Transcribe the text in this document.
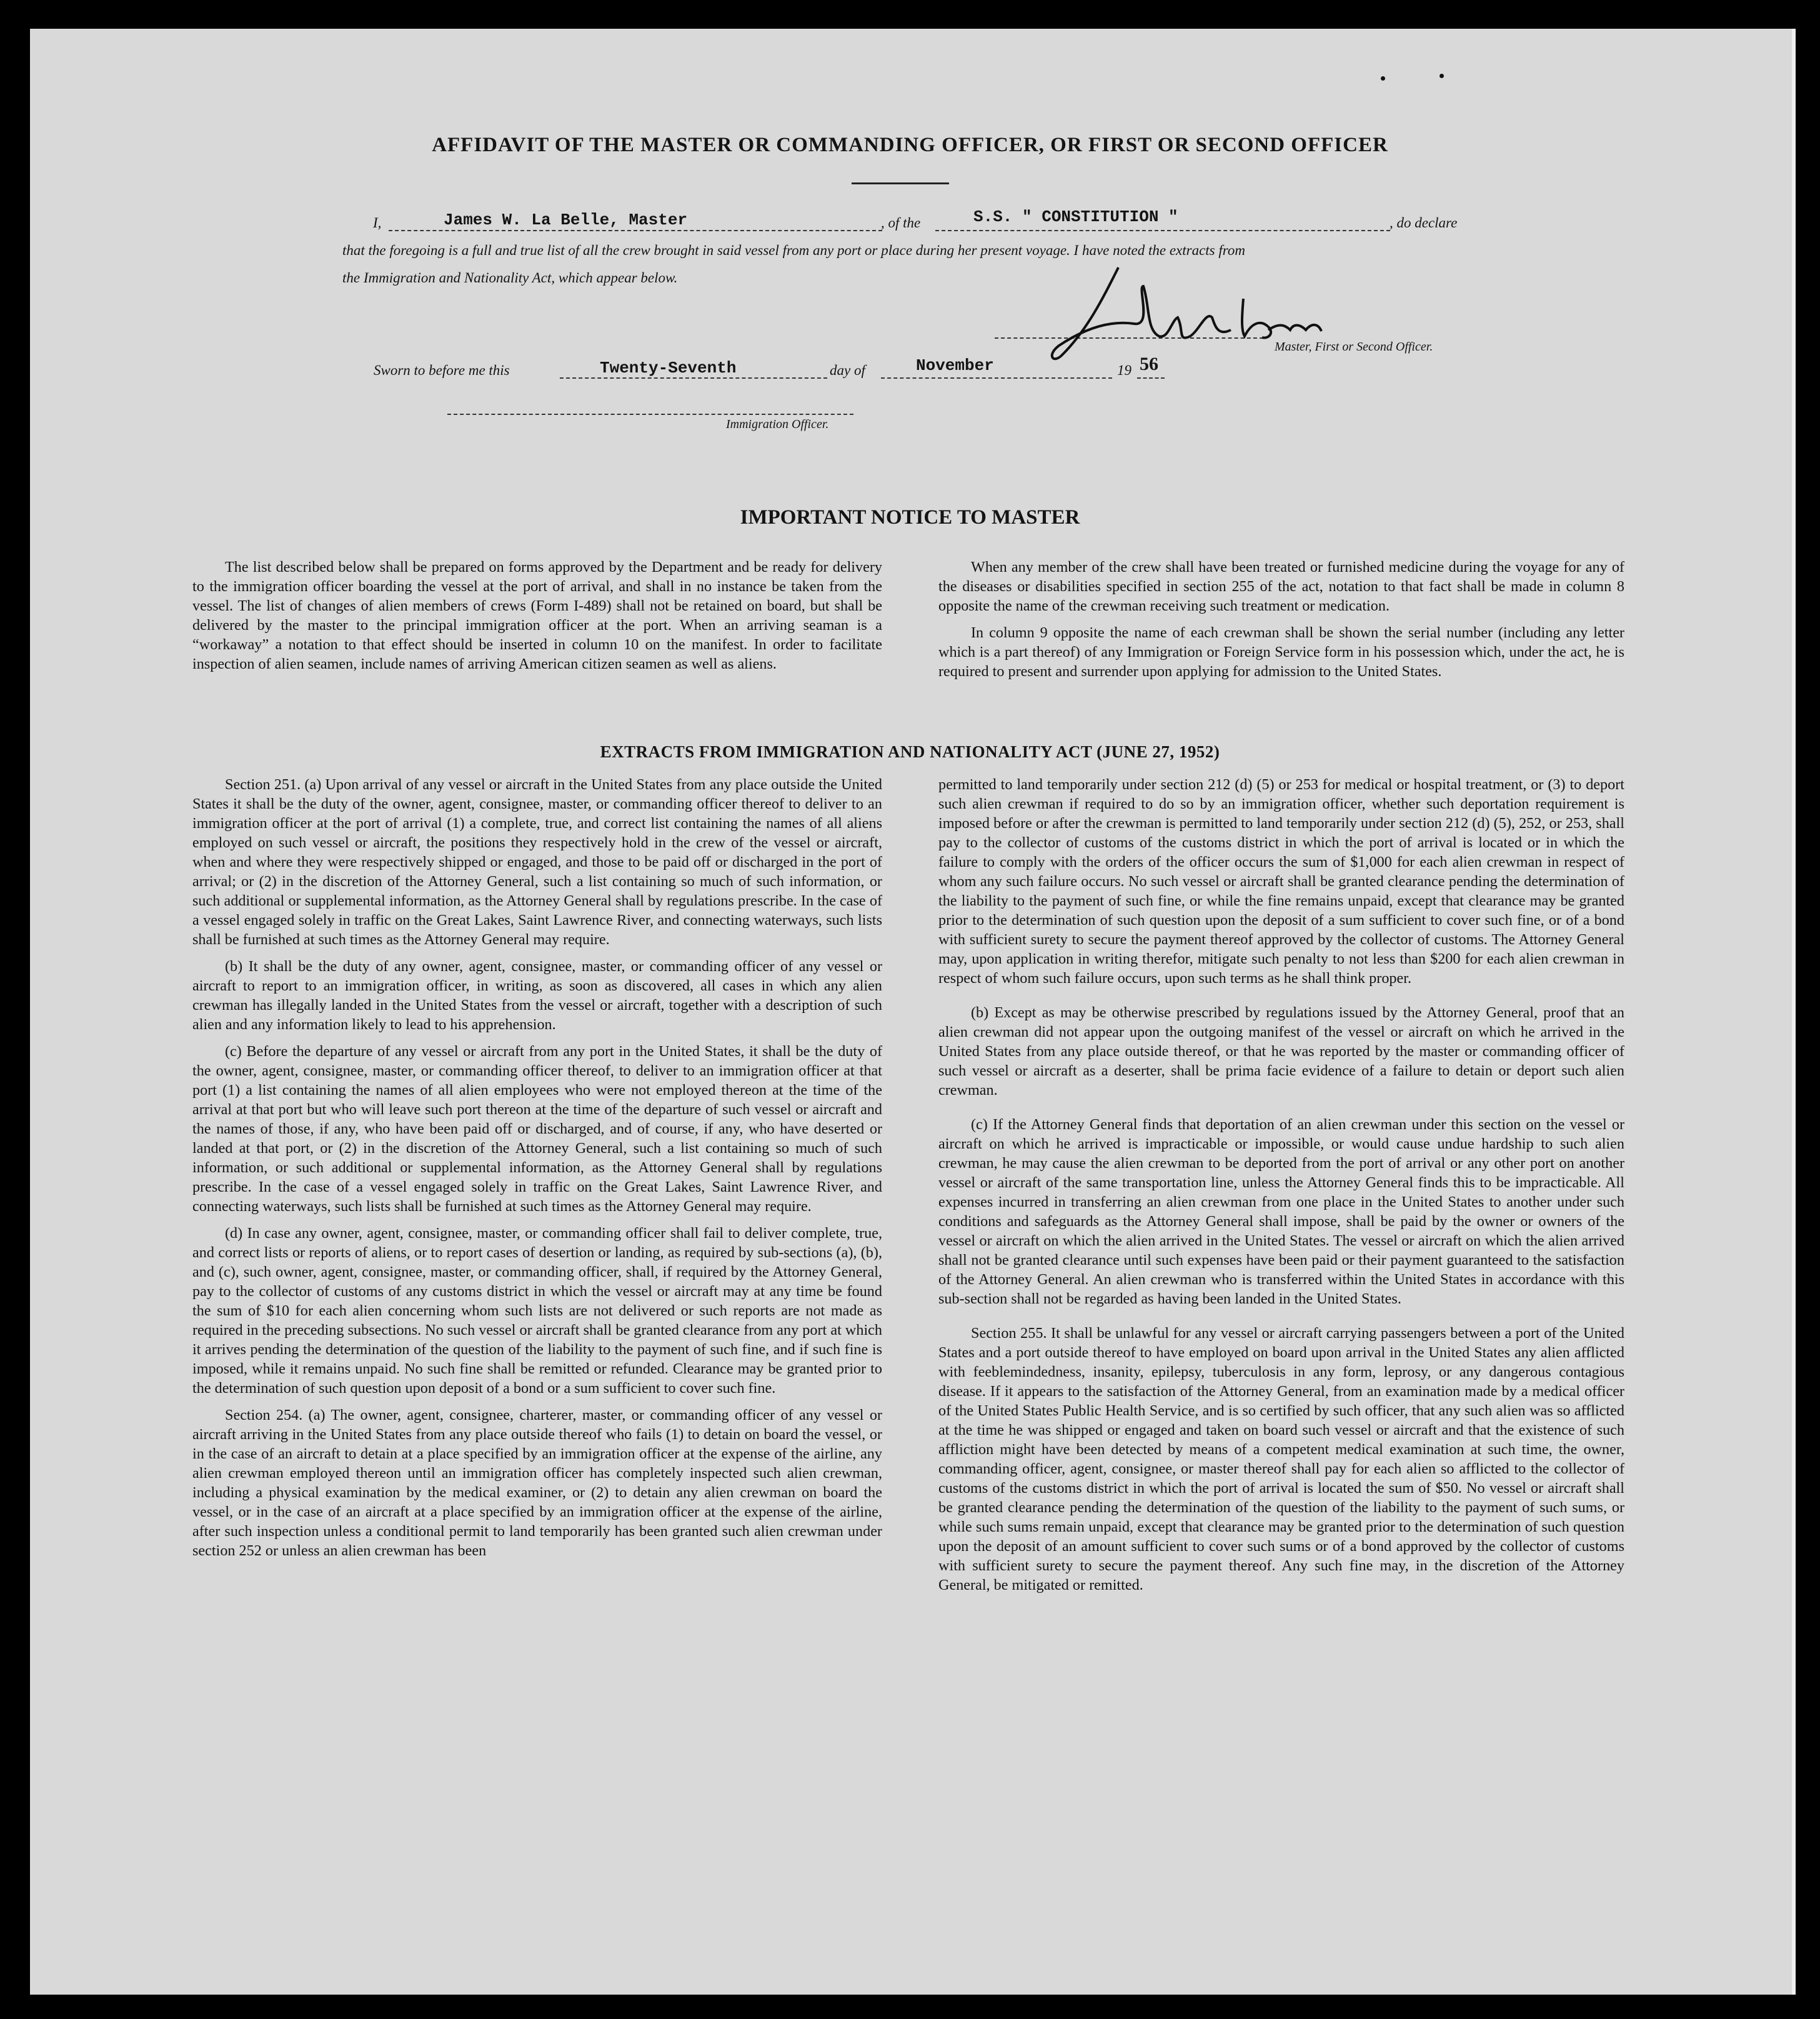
AFFIDAVIT OF THE MASTER OR COMMANDING OFFICER, OR FIRST OR SECOND OFFICER
I,	James W. La Belle, Master	, of the	S.S. " CONSTITUTION "	, do declare
that the foregoing is a full and true list of all the crew brought in said vessel from any port or place during her present voyage. I have noted the extracts from
the Immigration and Nationality Act, which appear below.
Master, First or Second Officer.
Sworn to before me this	Twenty-Seventh	day of	November	19 56
Immigration Officer.
IMPORTANT NOTICE TO MASTER

The list described below shall be prepared on forms approved by the Department and be ready for delivery to the immigration officer boarding the vessel at the port of arrival, and shall in no instance be taken from the vessel. The list of changes of alien members of crews (Form I-489) shall not be retained on board, but shall be delivered by the master to the principal immigration officer at the port. When an arriving seaman is a “workaway” a notation to that effect should be inserted in column 10 on the manifest. In order to facilitate inspection of alien seamen, include names of arriving American citizen seamen as well as aliens.

When any member of the crew shall have been treated or furnished medicine during the voyage for any of the diseases or disabilities specified in section 255 of the act, notation to that fact shall be made in column 8 opposite the name of the crewman receiving such treatment or medication.

In column 9 opposite the name of each crewman shall be shown the serial number (including any letter which is a part thereof) of any Immigration or Foreign Service form in his possession which, under the act, he is required to present and surrender upon applying for admission to the United States.

EXTRACTS FROM IMMIGRATION AND NATIONALITY ACT (JUNE 27, 1952)

Section 251. (a) Upon arrival of any vessel or aircraft in the United States from any place outside the United States it shall be the duty of the owner, agent, consignee, master, or commanding officer thereof to deliver to an immigration officer at the port of arrival (1) a complete, true, and correct list containing the names of all aliens employed on such vessel or aircraft, the positions they respectively hold in the crew of the vessel or aircraft, when and where they were respectively shipped or engaged, and those to be paid off or discharged in the port of arrival; or (2) in the discretion of the Attorney General, such a list containing so much of such information, or such additional or supplemental information, as the Attorney General shall by regulations prescribe. In the case of a vessel engaged solely in traffic on the Great Lakes, Saint Lawrence River, and connecting waterways, such lists shall be furnished at such times as the Attorney General may require.

(b) It shall be the duty of any owner, agent, consignee, master, or commanding officer of any vessel or aircraft to report to an immigration officer, in writing, as soon as discovered, all cases in which any alien crewman has illegally landed in the United States from the vessel or aircraft, together with a description of such alien and any information likely to lead to his apprehension.

(c) Before the departure of any vessel or aircraft from any port in the United States, it shall be the duty of the owner, agent, consignee, master, or commanding officer thereof, to deliver to an immigration officer at that port (1) a list containing the names of all alien employees who were not employed thereon at the time of the arrival at that port but who will leave such port thereon at the time of the departure of such vessel or aircraft and the names of those, if any, who have been paid off or discharged, and of course, if any, who have deserted or landed at that port, or (2) in the discretion of the Attorney General, such a list containing so much of such information, or such additional or supplemental information, as the Attorney General shall by regulations prescribe. In the case of a vessel engaged solely in traffic on the Great Lakes, Saint Lawrence River, and connecting waterways, such lists shall be furnished at such times as the Attorney General may require.

(d) In case any owner, agent, consignee, master, or commanding officer shall fail to deliver complete, true, and correct lists or reports of aliens, or to report cases of desertion or landing, as required by sub-sections (a), (b), and (c), such owner, agent, consignee, master, or commanding officer, shall, if required by the Attorney General, pay to the collector of customs of any customs district in which the vessel or aircraft may at any time be found the sum of $10 for each alien concerning whom such lists are not delivered or such reports are not made as required in the preceding subsections. No such vessel or aircraft shall be granted clearance from any port at which it arrives pending the determination of the question of the liability to the payment of such fine, and if such fine is imposed, while it remains unpaid. No such fine shall be remitted or refunded. Clearance may be granted prior to the determination of such question upon deposit of a bond or a sum sufficient to cover such fine.

Section 254. (a) The owner, agent, consignee, charterer, master, or commanding officer of any vessel or aircraft arriving in the United States from any place outside thereof who fails (1) to detain on board the vessel, or in the case of an aircraft to detain at a place specified by an immigration officer at the expense of the airline, any alien crewman employed thereon until an immigration officer has completely inspected such alien crewman, including a physical examination by the medical examiner, or (2) to detain any alien crewman on board the vessel, or in the case of an aircraft at a place specified by an immigration officer at the expense of the airline, after such inspection unless a conditional permit to land temporarily has been granted such alien crewman under section 252 or unless an alien crewman has been

permitted to land temporarily under section 212 (d) (5) or 253 for medical or hospital treatment, or (3) to deport such alien crewman if required to do so by an immigration officer, whether such deportation requirement is imposed before or after the crewman is permitted to land temporarily under section 212 (d) (5), 252, or 253, shall pay to the collector of customs of the customs district in which the port of arrival is located or in which the failure to comply with the orders of the officer occurs the sum of $1,000 for each alien crewman in respect of whom any such failure occurs. No such vessel or aircraft shall be granted clearance pending the determination of the liability to the payment of such fine, or while the fine remains unpaid, except that clearance may be granted prior to the determination of such question upon the deposit of a sum sufficient to cover such fine, or of a bond with sufficient surety to secure the payment thereof approved by the collector of customs. The Attorney General may, upon application in writing therefor, mitigate such penalty to not less than $200 for each alien crewman in respect of whom such failure occurs, upon such terms as he shall think proper.

(b) Except as may be otherwise prescribed by regulations issued by the Attorney General, proof that an alien crewman did not appear upon the outgoing manifest of the vessel or aircraft on which he arrived in the United States from any place outside thereof, or that he was reported by the master or commanding officer of such vessel or aircraft as a deserter, shall be prima facie evidence of a failure to detain or deport such alien crewman.

(c) If the Attorney General finds that deportation of an alien crewman under this section on the vessel or aircraft on which he arrived is impracticable or impossible, or would cause undue hardship to such alien crewman, he may cause the alien crewman to be deported from the port of arrival or any other port on another vessel or aircraft of the same transportation line, unless the Attorney General finds this to be impracticable. All expenses incurred in transferring an alien crewman from one place in the United States to another under such conditions and safeguards as the Attorney General shall impose, shall be paid by the owner or owners of the vessel or aircraft on which the alien arrived in the United States. The vessel or aircraft on which the alien arrived shall not be granted clearance until such expenses have been paid or their payment guaranteed to the satisfaction of the Attorney General. An alien crewman who is transferred within the United States in accordance with this sub-section shall not be regarded as having been landed in the United States.

Section 255. It shall be unlawful for any vessel or aircraft carrying passengers between a port of the United States and a port outside thereof to have employed on board upon arrival in the United States any alien afflicted with feeblemindedness, insanity, epilepsy, tuberculosis in any form, leprosy, or any dangerous contagious disease. If it appears to the satisfaction of the Attorney General, from an examination made by a medical officer of the United States Public Health Service, and is so certified by such officer, that any such alien was so afflicted at the time he was shipped or engaged and taken on board such vessel or aircraft and that the existence of such affliction might have been detected by means of a competent medical examination at such time, the owner, commanding officer, agent, consignee, or master thereof shall pay for each alien so afflicted to the collector of customs of the customs district in which the port of arrival is located the sum of $50. No vessel or aircraft shall be granted clearance pending the determination of the question of the liability to the payment of such sums, or while such sums remain unpaid, except that clearance may be granted prior to the determination of such question upon the deposit of an amount sufficient to cover such sums or of a bond approved by the collector of customs with sufficient surety to secure the payment thereof. Any such fine may, in the discretion of the Attorney General, be mitigated or remitted.
